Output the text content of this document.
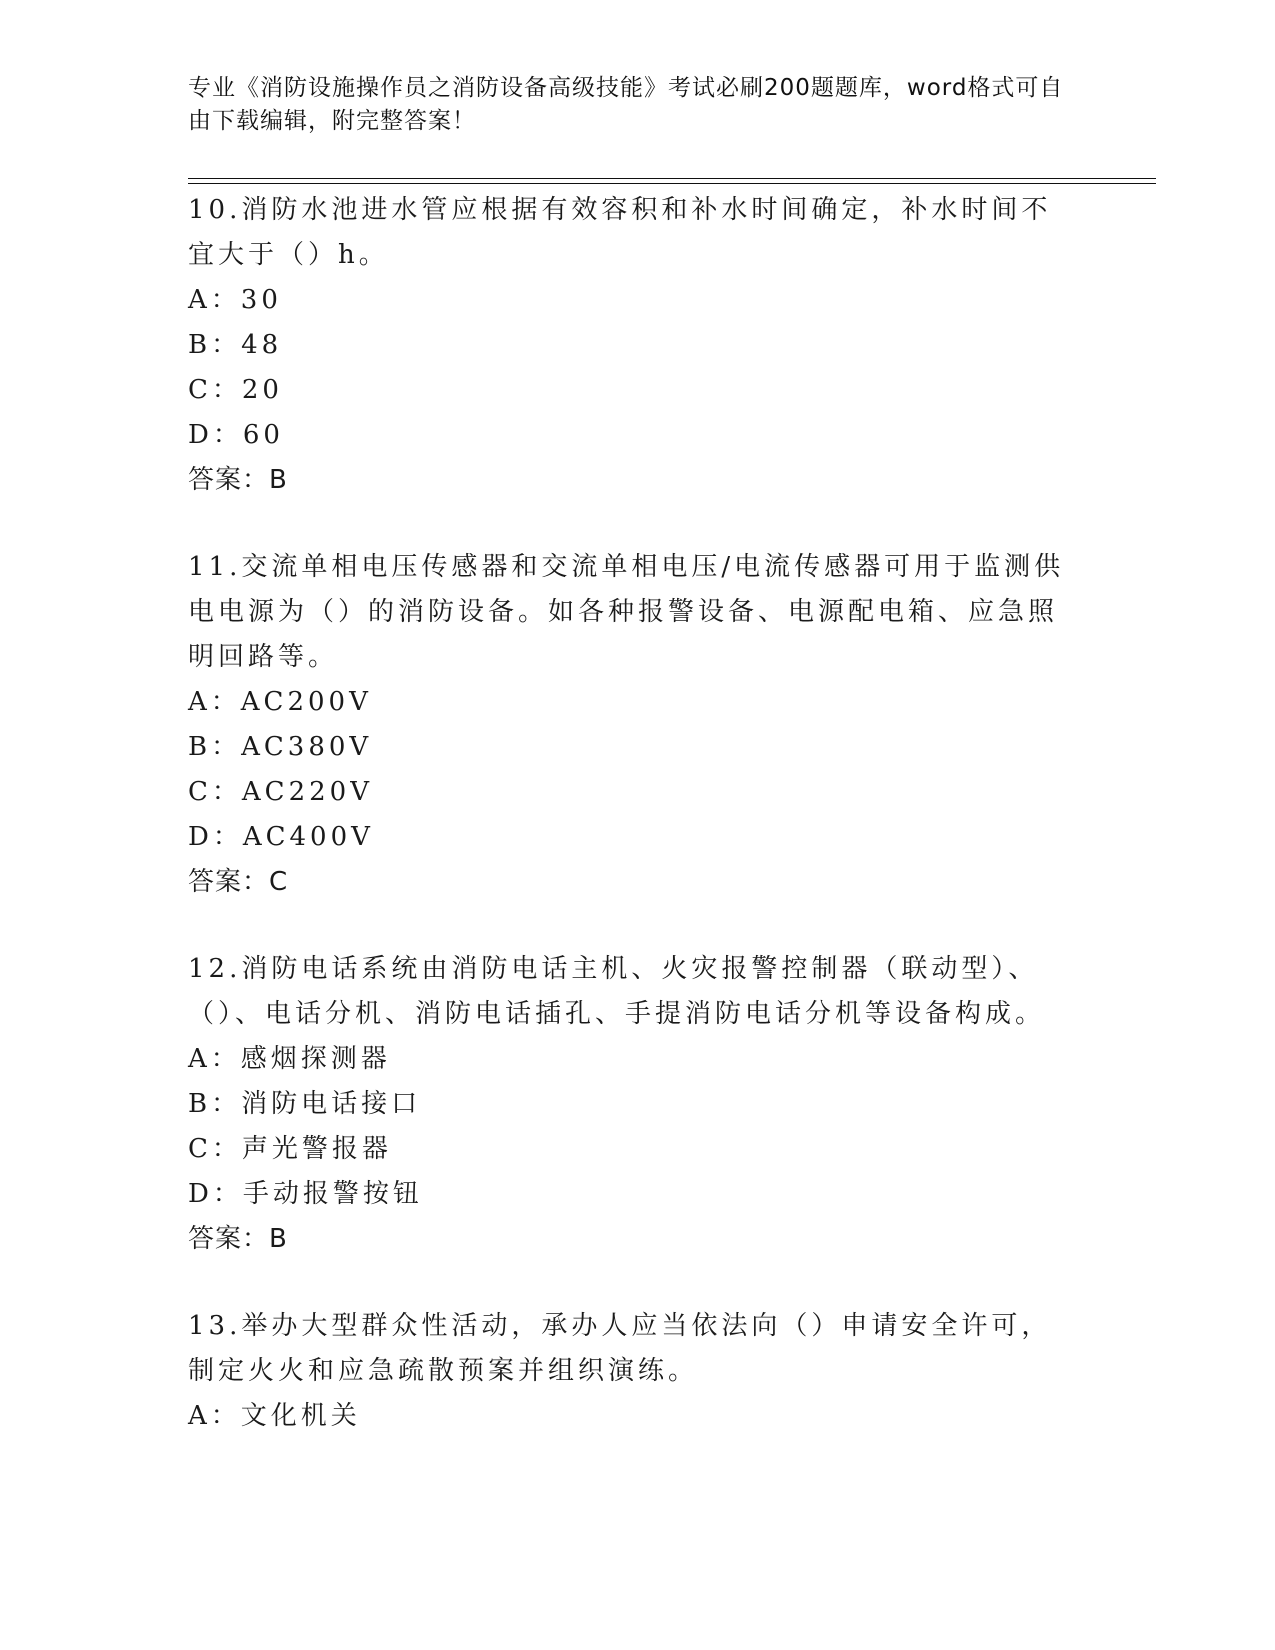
专业《消防设施操作员之消防设备高级技能》考试必刷200题题库，word格式可自由下载编辑，附完整答案！
10.消防水池进水管应根据有效容积和补水时间确定，补水时间不宜大于（）h。
A：30
B：48
C：20
D：60
答案：B
11.交流单相电压传感器和交流单相电压/电流传感器可用于监测供电电源为（）的消防设备。如各种报警设备、电源配电箱、应急照明回路等。
A：AC200V
B：AC380V
C：AC220V
D：AC400V
答案：C
12.消防电话系统由消防电话主机、火灾报警控制器（联动型）、（）、电话分机、消防电话插孔、手提消防电话分机等设备构成。
A：感烟探测器
B：消防电话接口
C：声光警报器
D：手动报警按钮
答案：B
13.举办大型群众性活动，承办人应当依法向（）申请安全许可，制定火火和应急疏散预案并组织演练。
A：文化机关
